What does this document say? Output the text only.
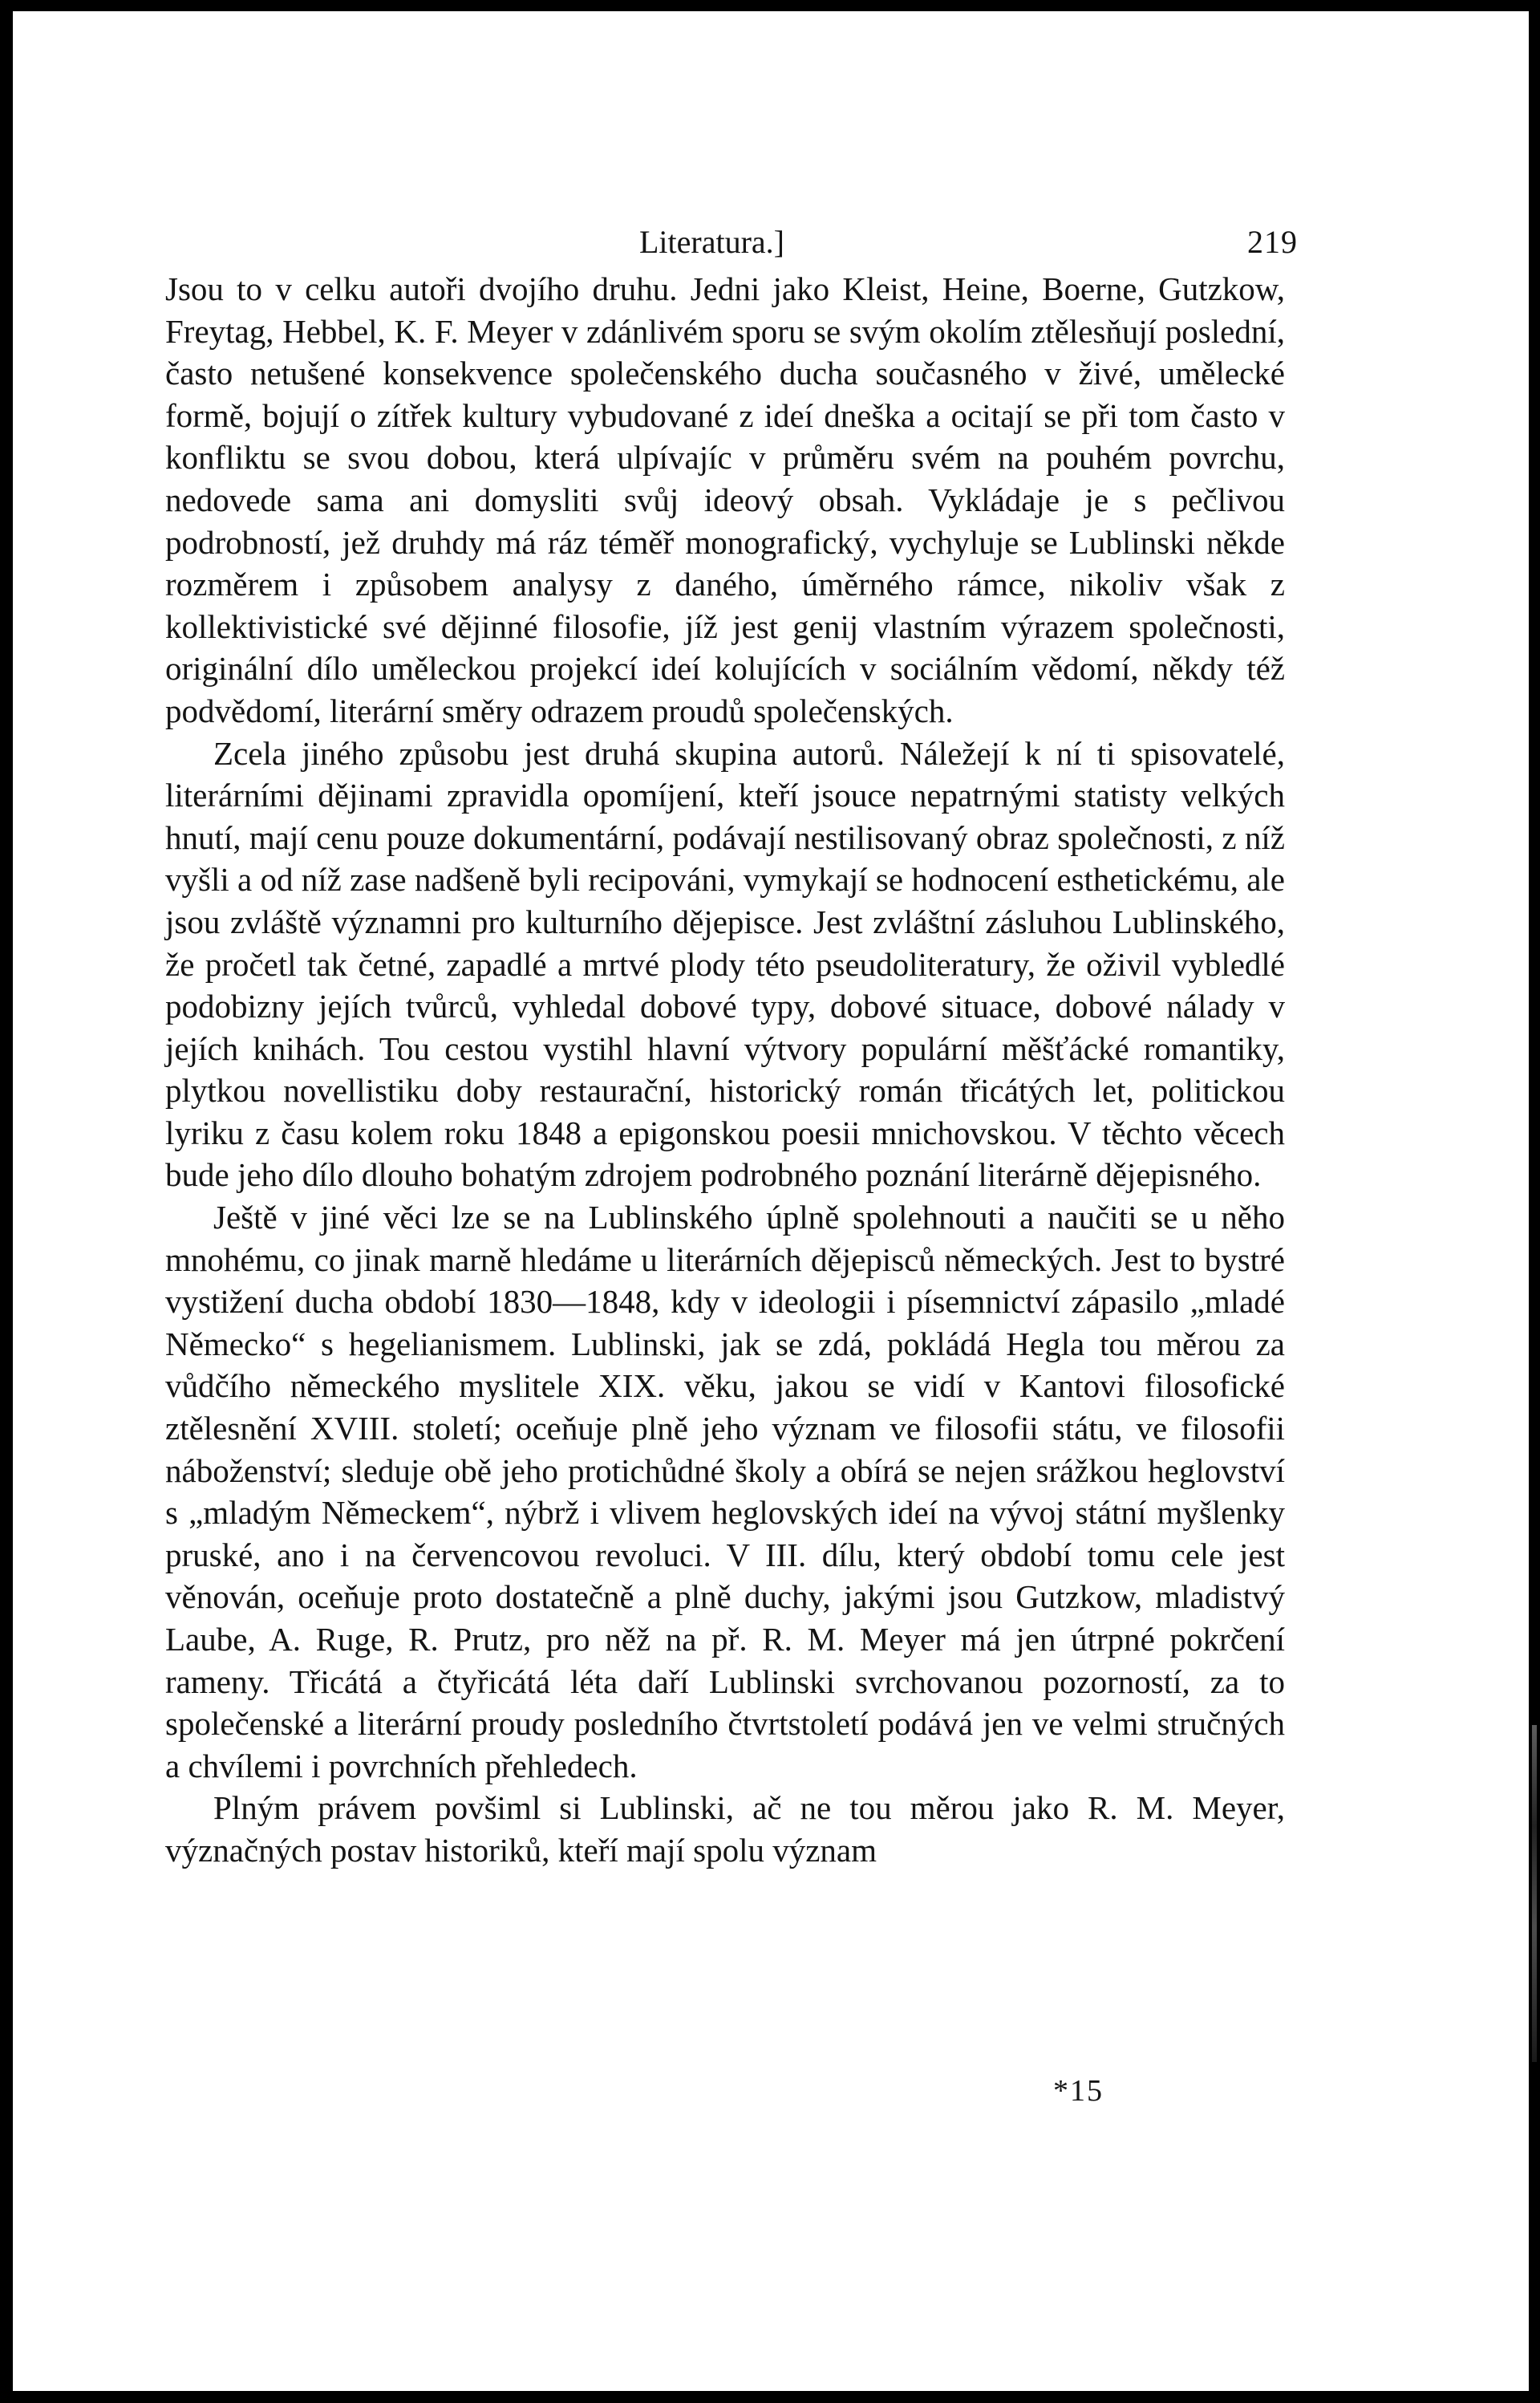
Literatura.]	219

Jsou to v celku autoři dvojího druhu. Jedni jako Kleist, Heine, Boerne, Gutzkow, Freytag, Hebbel, K. F. Meyer v zdánlivém sporu se svým okolím ztělesňují poslední, často netušené konsekvence společenského ducha současného v živé, umělecké formě, bojují o zítřek kultury vybudované z ideí dneška a ocitají se při tom často v konfliktu se svou dobou, která ulpívajíc v průměru svém na pouhém povrchu, nedovede sama ani domysliti svůj ideový obsah. Vykládaje je s pečlivou podrobností, jež druhdy má ráz téměř monografický, vychyluje se Lublinski někde rozměrem i způsobem analysy z daného, úměrného rámce, nikoliv však z kollektivistické své dějinné filosofie, jíž jest genij vlastním výrazem společnosti, originální dílo uměleckou projekcí ideí kolujících v sociálním vědomí, někdy též podvědomí, literární směry odrazem proudů společenských.

Zcela jiného způsobu jest druhá skupina autorů. Náležejí k ní ti spisovatelé, literárními dějinami zpravidla opomíjení, kteří jsouce nepatrnými statisty velkých hnutí, mají cenu pouze dokumentární, podávají nestilisovaný obraz společnosti, z níž vyšli a od níž zase nadšeně byli recipováni, vymykají se hodnocení esthetickému, ale jsou zvláště významni pro kulturního dějepisce. Jest zvláštní zásluhou Lublinského, že pročetl tak četné, zapadlé a mrtvé plody této pseudoliteratury, že oživil vybledlé podobizny jejích tvůrců, vyhledal dobové typy, dobové situace, dobové nálady v jejích knihách. Tou cestou vystihl hlavní výtvory populární měšťácké romantiky, plytkou novellistiku doby restaurační, historický román třicátých let, politickou lyriku z času kolem roku 1848 a epigonskou poesii mnichovskou. V těchto věcech bude jeho dílo dlouho bohatým zdrojem podrobného poznání literárně dějepisného.

Ještě v jiné věci lze se na Lublinského úplně spolehnouti a naučiti se u něho mnohému, co jinak marně hledáme u literárních dějepisců německých. Jest to bystré vystižení ducha období 1830—1848, kdy v ideologii i písemnictví zápasilo „mladé Německo“ s hegelianismem. Lublinski, jak se zdá, pokládá Hegla tou měrou za vůdčího německého myslitele XIX. věku, jakou se vidí v Kantovi filosofické ztělesnění XVIII. století; oceňuje plně jeho význam ve filosofii státu, ve filosofii náboženství; sleduje obě jeho protichůdné školy a obírá se nejen srážkou heglovství s „mladým Německem“, nýbrž i vlivem heglovských ideí na vývoj státní myšlenky pruské, ano i na červencovou revoluci. V III. dílu, který období tomu cele jest věnován, oceňuje proto dostatečně a plně duchy, jakými jsou Gutzkow, mladistvý Laube, A. Ruge, R. Prutz, pro něž na př. R. M. Meyer má jen útrpné pokrčení rameny. Třicátá a čtyřicátá léta daří Lublinski svrchovanou pozorností, za to společenské a literární proudy posledního čtvrtstoletí podává jen ve velmi stručných a chvílemi i povrchních přehledech.

Plným právem povšiml si Lublinski, ač ne tou měrou jako R. M. Meyer, význačných postav historiků, kteří mají spolu význam

*15
